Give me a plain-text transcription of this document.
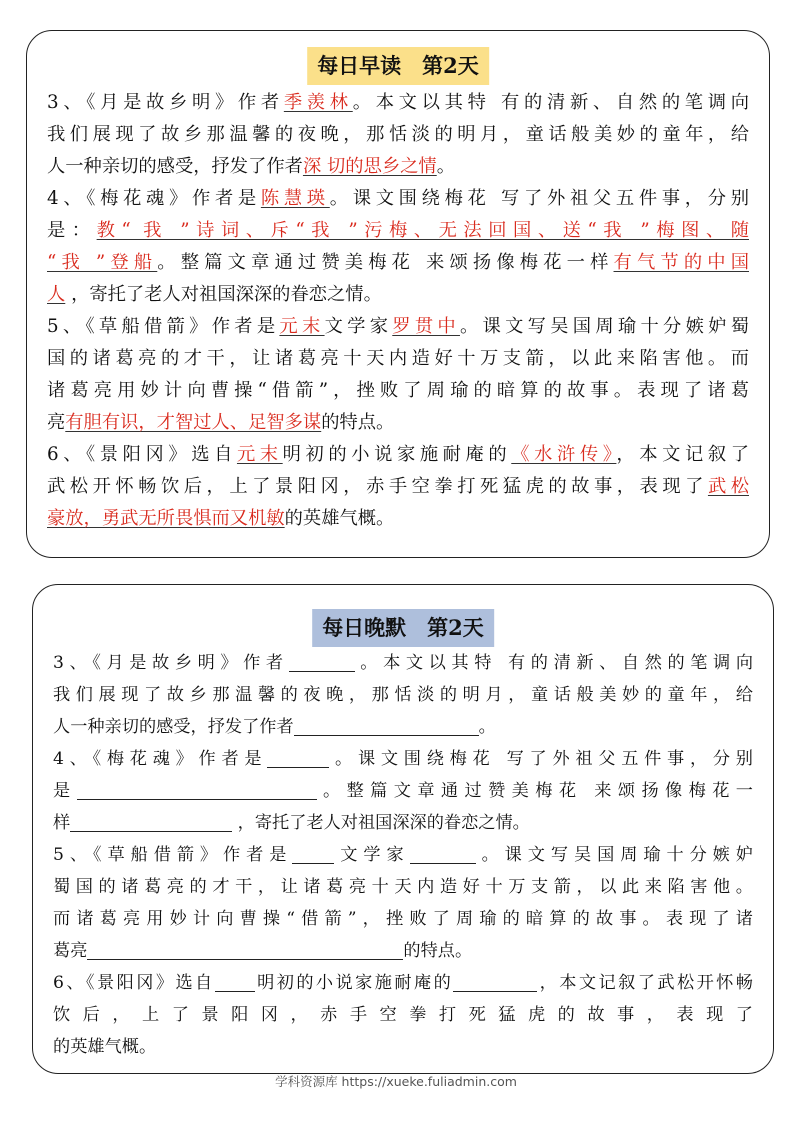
每日早读　第2天
3、《月是故乡明》作者季羡林。本文以其特 有的清新、自然的笔调向
我们展现了故乡那温馨的夜晚，那恬淡的明月，童话般美妙的童年，给
人一种亲切的感受，抒发了作者深 切的思乡之情。
4、《梅花魂》作者是陈慧瑛。课文围绕梅花 写了外祖父五件事，分别
是：教“ 我 ”诗词、斥“我 ”污梅、无法回国、送“我 ”梅图、随
“我 ”登船。整篇文章通过赞美梅花 来颂扬像梅花一样有气节的中国
人 ，寄托了老人对祖国深深的眷恋之情。
5、《草船借箭》作者是元末文学家罗贯中。课文写吴国周瑜十分嫉妒蜀
国的诸葛亮的才干，让诸葛亮十天内造好十万支箭，以此来陷害他。而
诸葛亮用妙计向曹操“借箭”，挫败了周瑜的暗算的故事。表现了诸葛
亮有胆有识，才智过人、足智多谋的特点。
6、《景阳冈》选自元末明初的小说家施耐庵的《水浒传》，本文记叙了
武松开怀畅饮后，上了景阳冈，赤手空拳打死猛虎的故事，表现了武松
豪放，勇武无所畏惧而又机敏的英雄气概。
每日晚默　第2天
3、《月是故乡明》作者	。本文以其特 有的清新、自然的笔调向
我们展现了故乡那温馨的夜晚，那恬淡的明月，童话般美妙的童年，给
人一种亲切的感受，抒发了作者	。
4、《梅花魂》作者是	。课文围绕梅花 写了外祖父五件事，分别
是	。整篇文章通过赞美梅花 来颂扬像梅花一
样	，寄托了老人对祖国深深的眷恋之情。
5、《草船借箭》作者是 文学家	。课文写吴国周瑜十分嫉妒
蜀国的诸葛亮的才干，让诸葛亮十天内造好十万支箭，以此来陷害他。
而诸葛亮用妙计向曹操“借箭”，挫败了周瑜的暗算的故事。表现了诸
葛亮	的特点。
6、《景阳冈》选自 明初的小说家施耐庵的	，本文记叙了武松开怀畅
饮后，上了景阳冈，赤手空拳打死猛虎的故事，表现了
的英雄气概。
学科资源库 https://xueke.fuliadmin.com
